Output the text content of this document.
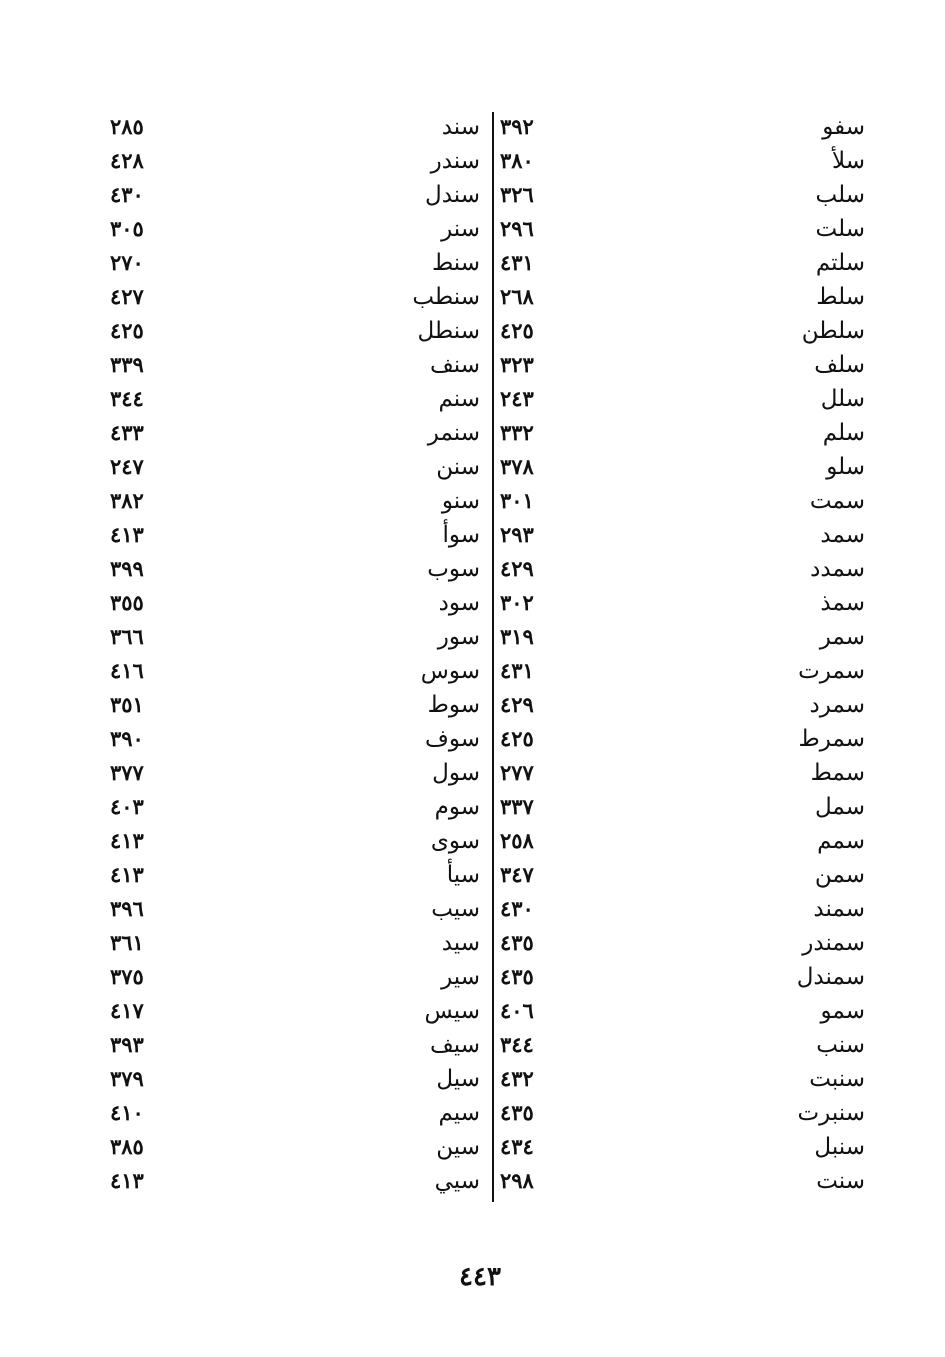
سفو
سلأ
سلب
سلت
سلتم
سلط
سلطن
سلف
سلل
سلم
سلو
سمت
سمد
سمدد
سمذ
سمر
سمرت
سمرد
سمرط
سمط
سمل
سمم
سمن
سمند
سمندر
سمندل
سمو
سنب
سنبت
سنبرت
سنبل
سنت
٣٩٢
٣٨٠
٣٢٦
٢٩٦
٤٣١
٢٦٨
٤٢٥
٣٢٣
٢٤٣
٣٣٢
٣٧٨
٣٠١
٢٩٣
٤٢٩
٣٠٢
٣١٩
٤٣١
٤٢٩
٤٢٥
٢٧٧
٣٣٧
٢٥٨
٣٤٧
٤٣٠
٤٣٥
٤٣٥
٤٠٦
٣٤٤
٤٣٢
٤٣٥
٤٣٤
٢٩٨
سند
سندر
سندل
سنر
سنط
سنطب
سنطل
سنف
سنم
سنمر
سنن
سنو
سوأ
سوب
سود
سور
سوس
سوط
سوف
سول
سوم
سوى
سيأ
سيب
سيد
سير
سيس
سيف
سيل
سيم
سين
سيي
٢٨٥
٤٢٨
٤٣٠
٣٠٥
٢٧٠
٤٢٧
٤٢٥
٣٣٩
٣٤٤
٤٣٣
٢٤٧
٣٨٢
٤١٣
٣٩٩
٣٥٥
٣٦٦
٤١٦
٣٥١
٣٩٠
٣٧٧
٤٠٣
٤١٣
٤١٣
٣٩٦
٣٦١
٣٧٥
٤١٧
٣٩٣
٣٧٩
٤١٠
٣٨٥
٤١٣
٤٤٣
